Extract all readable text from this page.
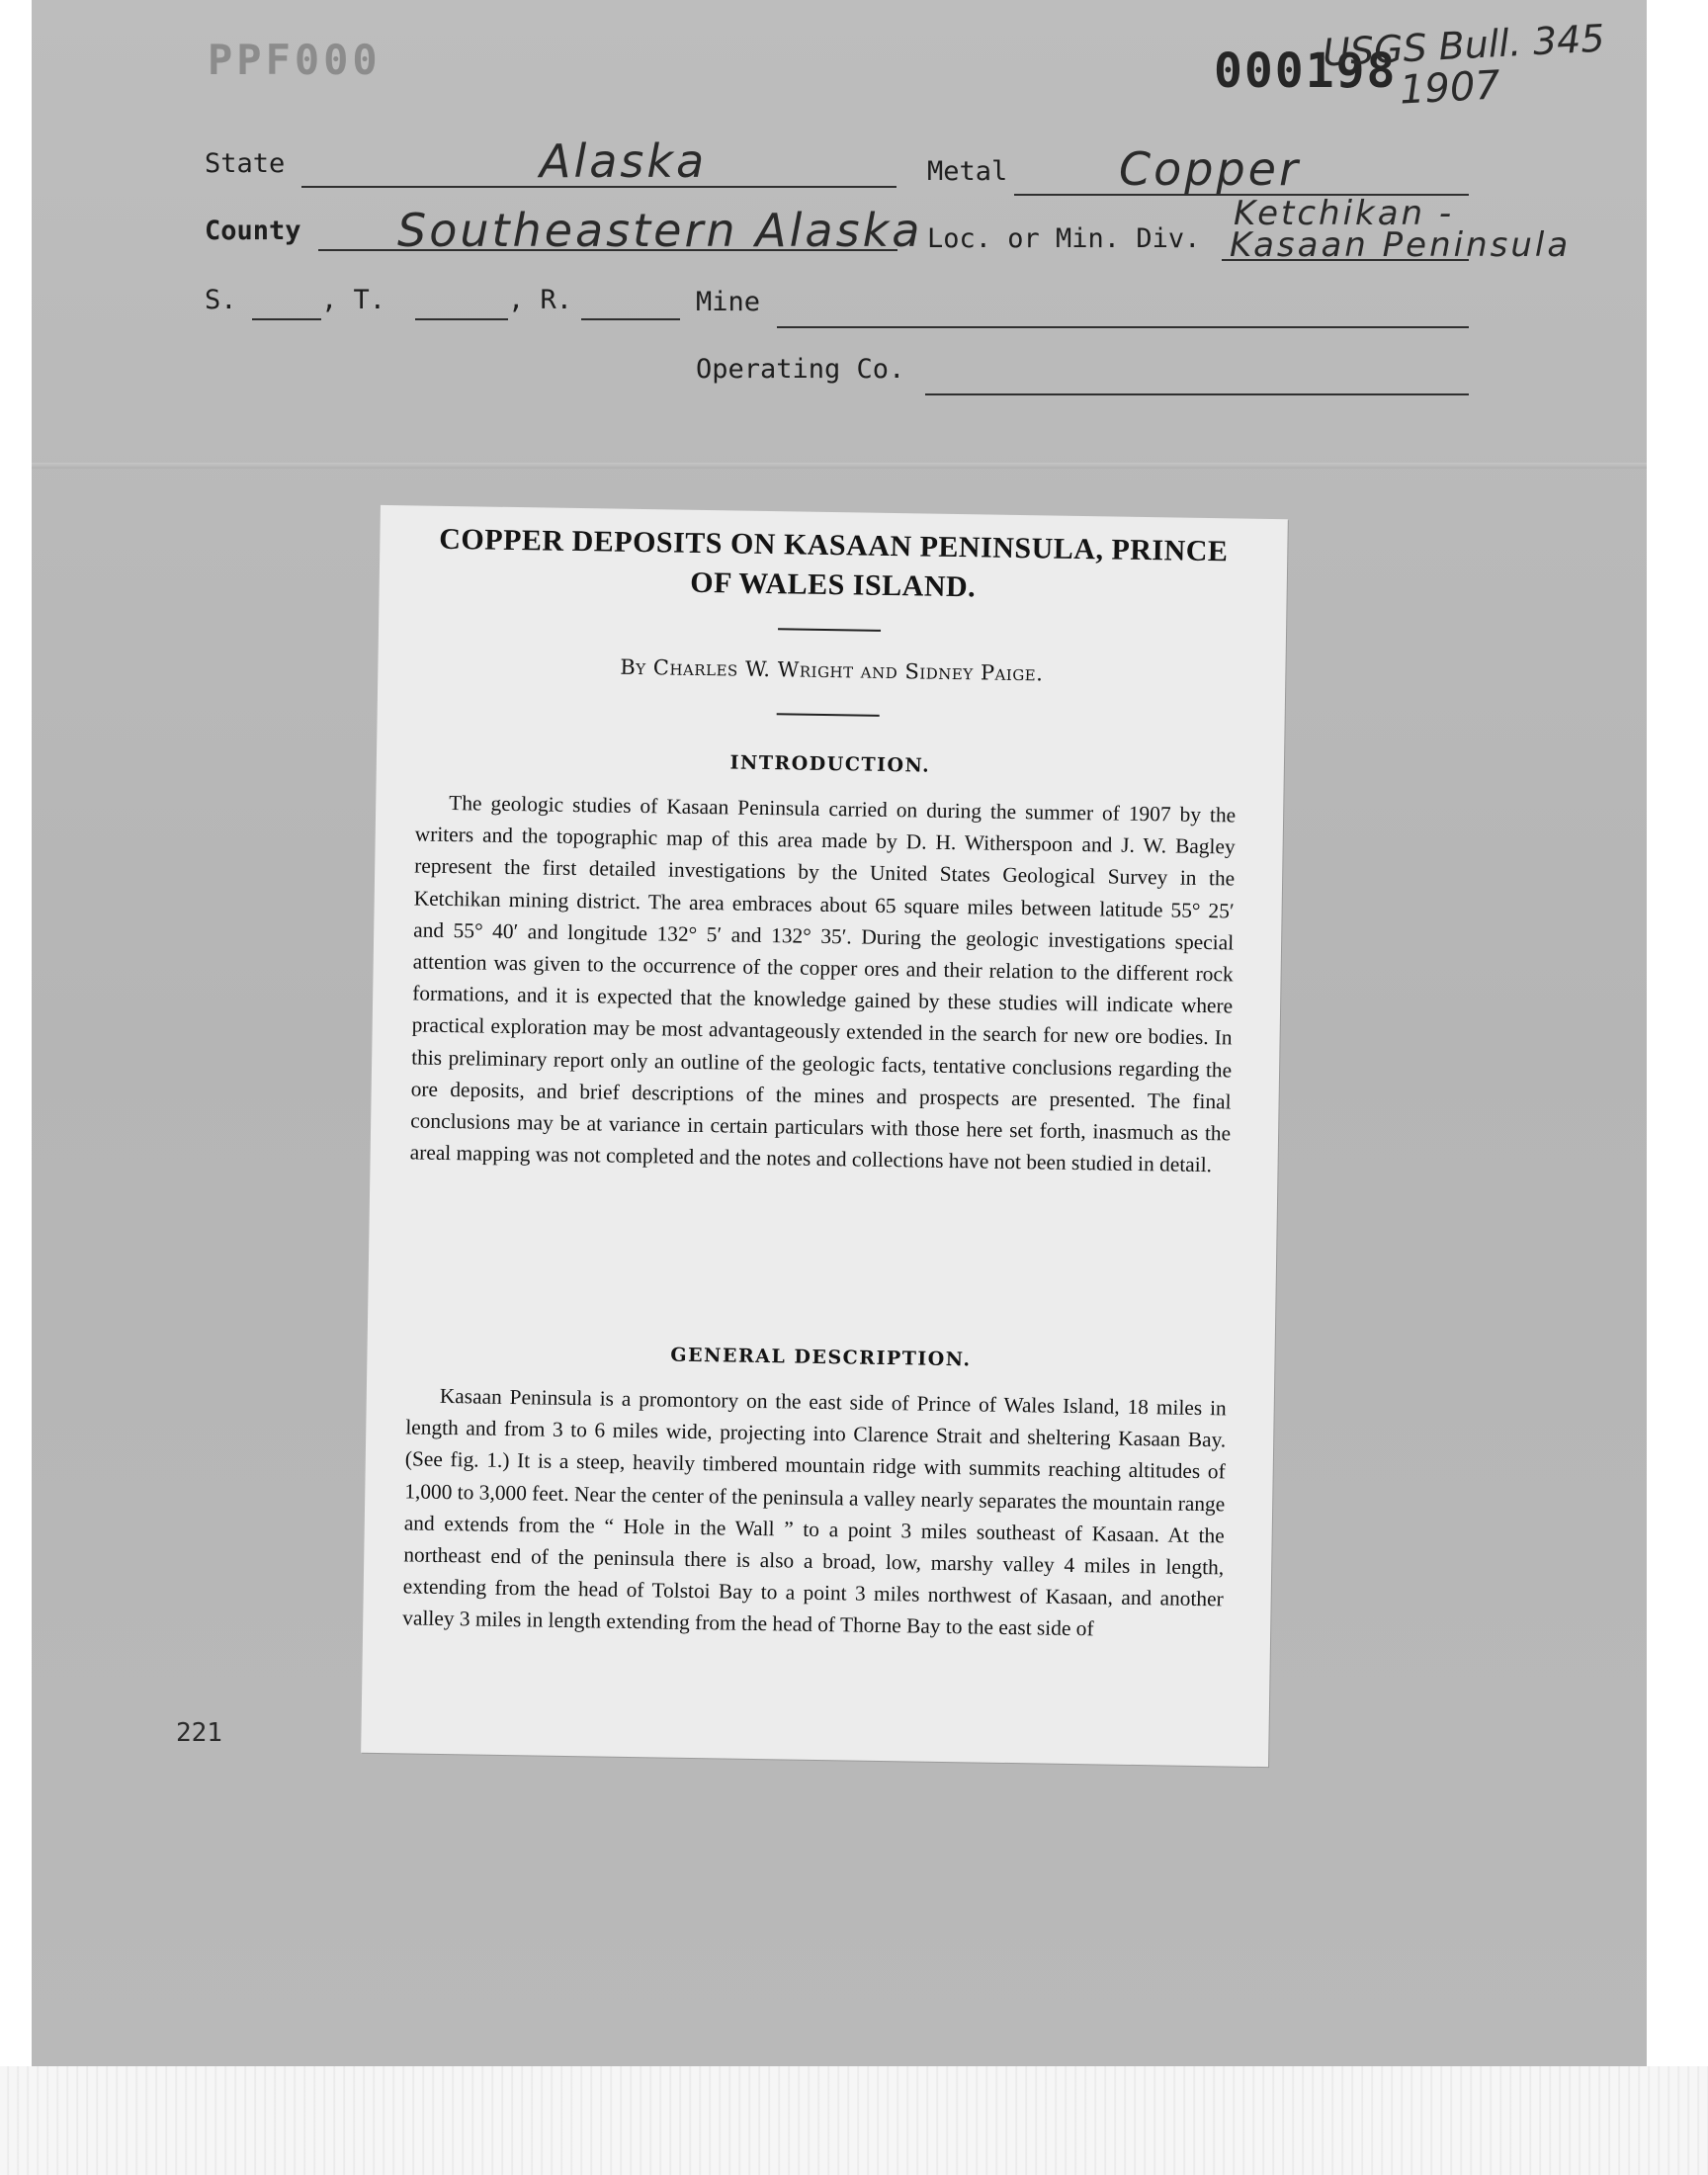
PPF000	000198
USGS Bull. 345
1907
State	Alaska	Metal Copper
County Southeastern Alaska Loc. or Min. Div.
Ketchikan -
Kasaan Peninsula
S.	, T.	, R.	Mine
Operating Co.
221
COPPER DEPOSITS ON KASAAN PENINSULA, PRINCE OF WALES ISLAND.
By Charles W. Wright and Sidney Paige.
INTRODUCTION.
The geologic studies of Kasaan Peninsula carried on during the summer of 1907 by the writers and the topographic map of this area made by D. H. Witherspoon and J. W. Bagley represent the first detailed investigations by the United States Geological Survey in the Ketchikan mining district. The area embraces about 65 square miles between latitude 55° 25′ and 55° 40′ and longitude 132° 5′ and 132° 35′. During the geologic investigations special attention was given to the occurrence of the copper ores and their relation to the different rock formations, and it is expected that the knowledge gained by these studies will indicate where practical exploration may be most advantageously extended in the search for new ore bodies. In this preliminary report only an outline of the geologic facts, tentative conclusions regarding the ore deposits, and brief descriptions of the mines and prospects are presented. The final conclusions may be at variance in certain particulars with those here set forth, inasmuch as the areal mapping was not completed and the notes and collections have not been studied in detail.
GENERAL DESCRIPTION.
Kasaan Peninsula is a promontory on the east side of Prince of Wales Island, 18 miles in length and from 3 to 6 miles wide, projecting into Clarence Strait and sheltering Kasaan Bay. (See fig. 1.) It is a steep, heavily timbered mountain ridge with summits reaching altitudes of 1,000 to 3,000 feet. Near the center of the peninsula a valley nearly separates the mountain range and extends from the “ Hole in the Wall ” to a point 3 miles southeast of Kasaan. At the northeast end of the peninsula there is also a broad, low, marshy valley 4 miles in length, extending from the head of Tolstoi Bay to a point 3 miles northwest of Kasaan, and another valley 3 miles in length extending from the head of Thorne Bay to the east side of
